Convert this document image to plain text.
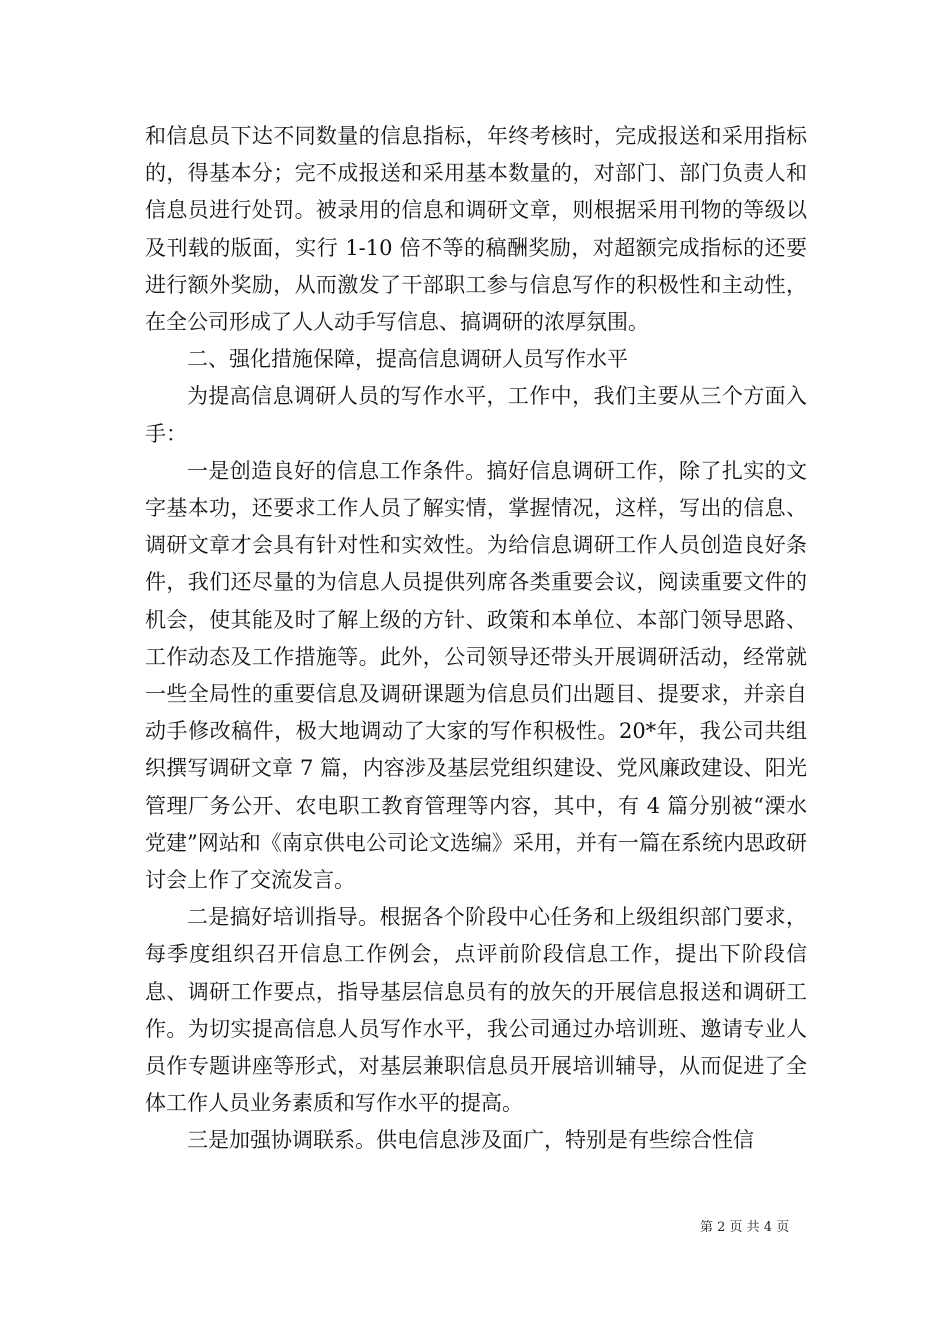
和信息员下达不同数量的信息指标，年终考核时，完成报送和采用指标的，得基本分；完不成报送和采用基本数量的，对部门、部门负责人和信息员进行处罚。被录用的信息和调研文章，则根据采用刊物的等级以及刊载的版面，实行 1-10 倍不等的稿酬奖励，对超额完成指标的还要进行额外奖励，从而激发了干部职工参与信息写作的积极性和主动性，在全公司形成了人人动手写信息、搞调研的浓厚氛围。

二、强化措施保障，提高信息调研人员写作水平

为提高信息调研人员的写作水平，工作中，我们主要从三个方面入手：

一是创造良好的信息工作条件。搞好信息调研工作，除了扎实的文字基本功，还要求工作人员了解实情，掌握情况，这样，写出的信息、调研文章才会具有针对性和实效性。为给信息调研工作人员创造良好条件，我们还尽量的为信息人员提供列席各类重要会议，阅读重要文件的机会，使其能及时了解上级的方针、政策和本单位、本部门领导思路、工作动态及工作措施等。此外，公司领导还带头开展调研活动，经常就一些全局性的重要信息及调研课题为信息员们出题目、提要求，并亲自动手修改稿件，极大地调动了大家的写作积极性。20*年，我公司共组织撰写调研文章 7 篇，内容涉及基层党组织建设、党风廉政建设、阳光管理厂务公开、农电职工教育管理等内容，其中，有 4 篇分别被“溧水党建”网站和《南京供电公司论文选编》采用，并有一篇在系统内思政研讨会上作了交流发言。

二是搞好培训指导。根据各个阶段中心任务和上级组织部门要求，每季度组织召开信息工作例会，点评前阶段信息工作，提出下阶段信息、调研工作要点，指导基层信息员有的放矢的开展信息报送和调研工作。为切实提高信息人员写作水平，我公司通过办培训班、邀请专业人员作专题讲座等形式，对基层兼职信息员开展培训辅导，从而促进了全体工作人员业务素质和写作水平的提高。

三是加强协调联系。供电信息涉及面广，特别是有些综合性信

第 2 页 共 4 页
